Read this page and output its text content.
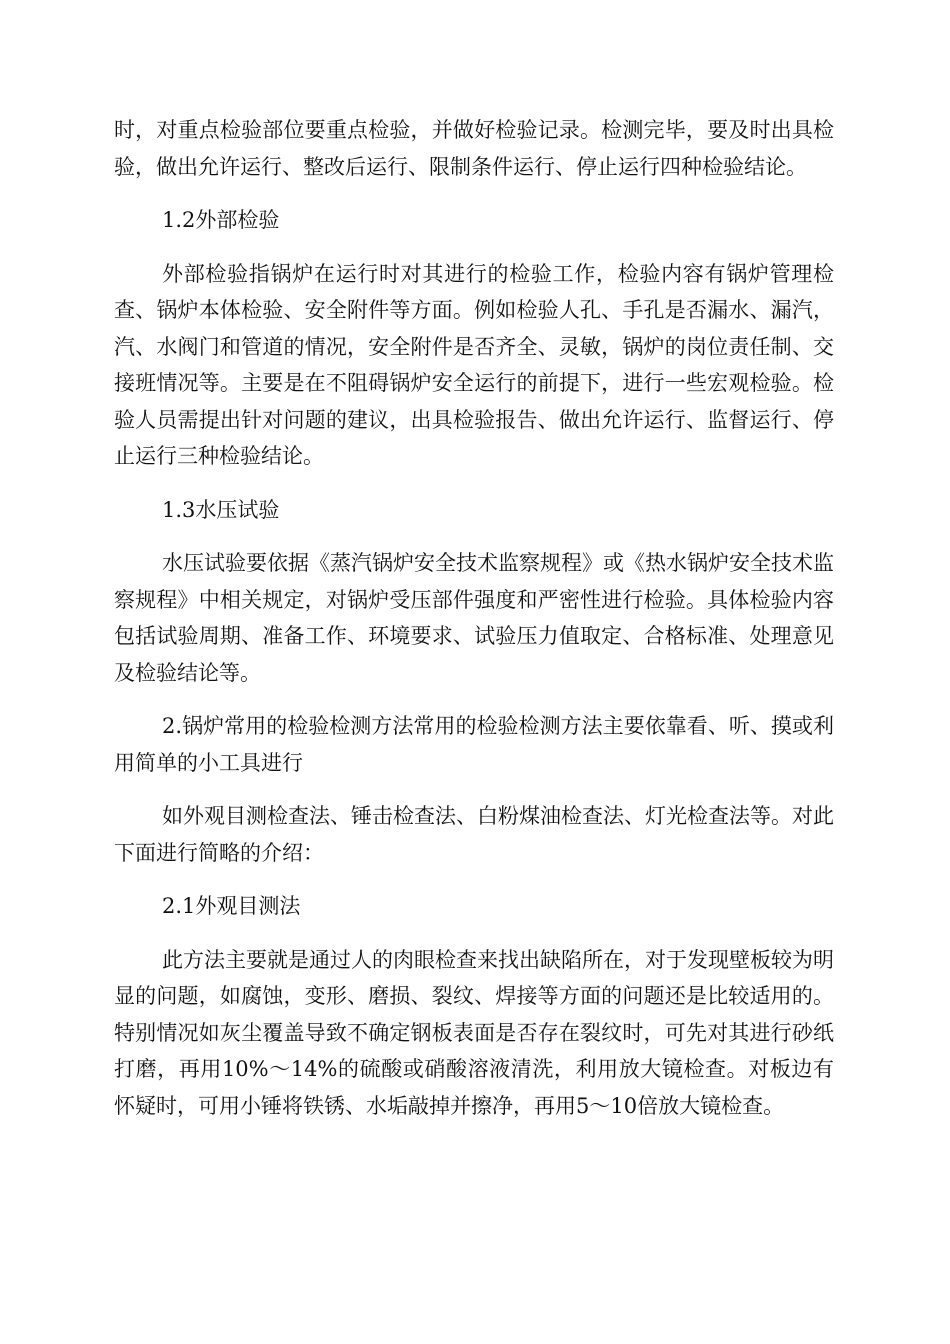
时，对重点检验部位要重点检验，并做好检验记录。检测完毕，要及时出具检验，做出允许运行、整改后运行、限制条件运行、停止运行四种检验结论。

1.2外部检验

外部检验指锅炉在运行时对其进行的检验工作，检验内容有锅炉管理检查、锅炉本体检验、安全附件等方面。例如检验人孔、手孔是否漏水、漏汽，汽、水阀门和管道的情况，安全附件是否齐全、灵敏，锅炉的岗位责任制、交接班情况等。主要是在不阻碍锅炉安全运行的前提下，进行一些宏观检验。检验人员需提出针对问题的建议，出具检验报告、做出允许运行、监督运行、停止运行三种检验结论。

1.3水压试验

水压试验要依据《蒸汽锅炉安全技术监察规程》或《热水锅炉安全技术监察规程》中相关规定，对锅炉受压部件强度和严密性进行检验。具体检验内容包括试验周期、准备工作、环境要求、试验压力值取定、合格标准、处理意见及检验结论等。

2.锅炉常用的检验检测方法常用的检验检测方法主要依靠看、听、摸或利用简单的小工具进行

如外观目测检查法、锤击检查法、白粉煤油检查法、灯光检查法等。对此下面进行简略的介绍：

2.1外观目测法

此方法主要就是通过人的肉眼检查来找出缺陷所在，对于发现壁板较为明显的问题，如腐蚀，变形、磨损、裂纹、焊接等方面的问题还是比较适用的。特别情况如灰尘覆盖导致不确定钢板表面是否存在裂纹时，可先对其进行砂纸打磨，再用10%～14%的硫酸或硝酸溶液清洗，利用放大镜检查。对板边有怀疑时，可用小锤将铁锈、水垢敲掉并擦净，再用5～10倍放大镜检查。
